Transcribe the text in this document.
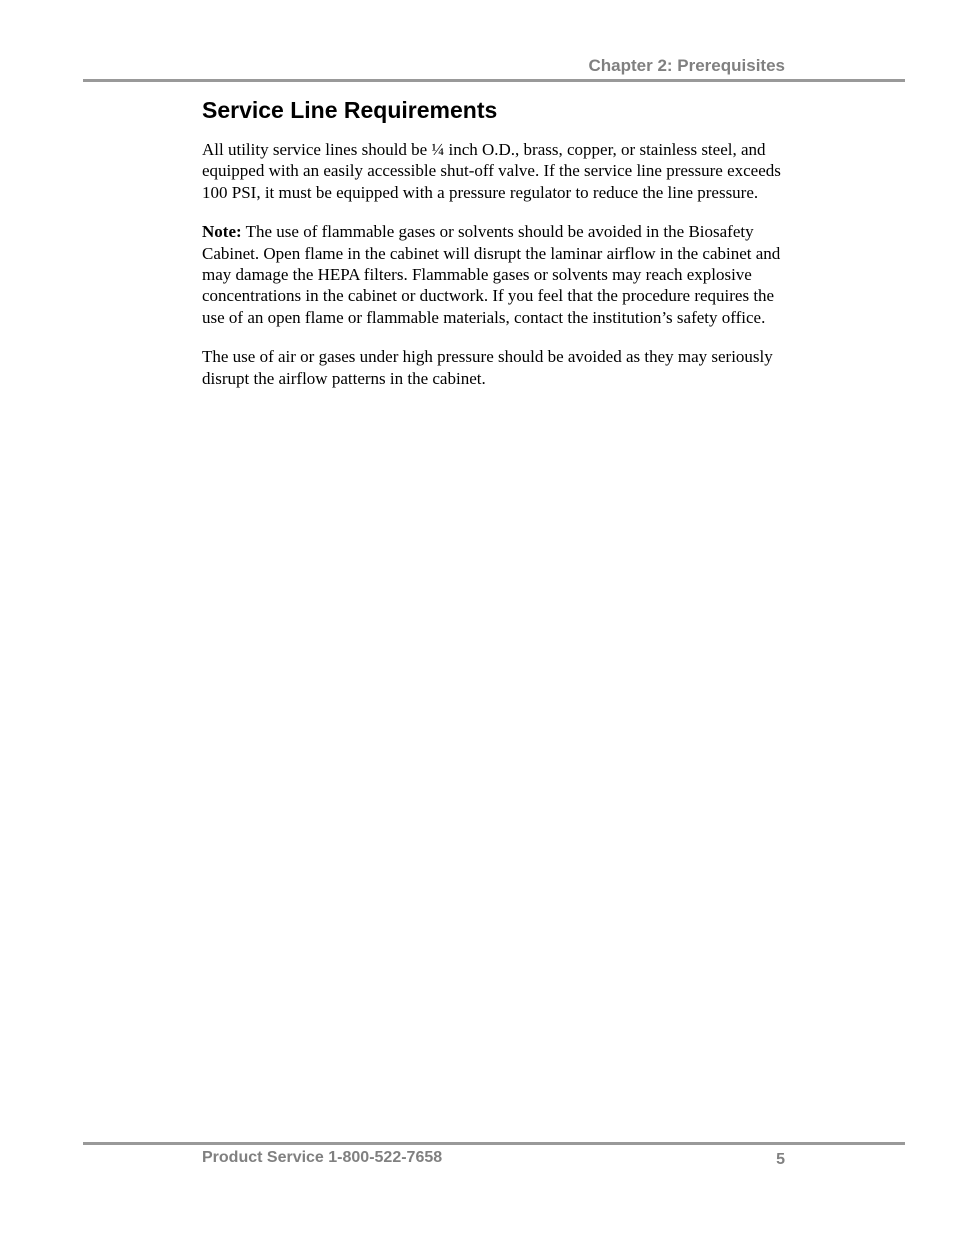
Chapter 2: Prerequisites
Service Line Requirements

All utility service lines should be ¼ inch O.D., brass, copper, or stainless steel, and equipped with an easily accessible shut-off valve. If the service line pressure exceeds 100 PSI, it must be equipped with a pressure regulator to reduce the line pressure.

Note: The use of flammable gases or solvents should be avoided in the Biosafety Cabinet. Open flame in the cabinet will disrupt the laminar airflow in the cabinet and may damage the HEPA filters. Flammable gases or solvents may reach explosive concentrations in the cabinet or ductwork. If you feel that the procedure requires the use of an open flame or flammable materials, contact the institution’s safety office.

The use of air or gases under high pressure should be avoided as they may seriously disrupt the airflow patterns in the cabinet.

Product Service 1-800-522-7658	5
